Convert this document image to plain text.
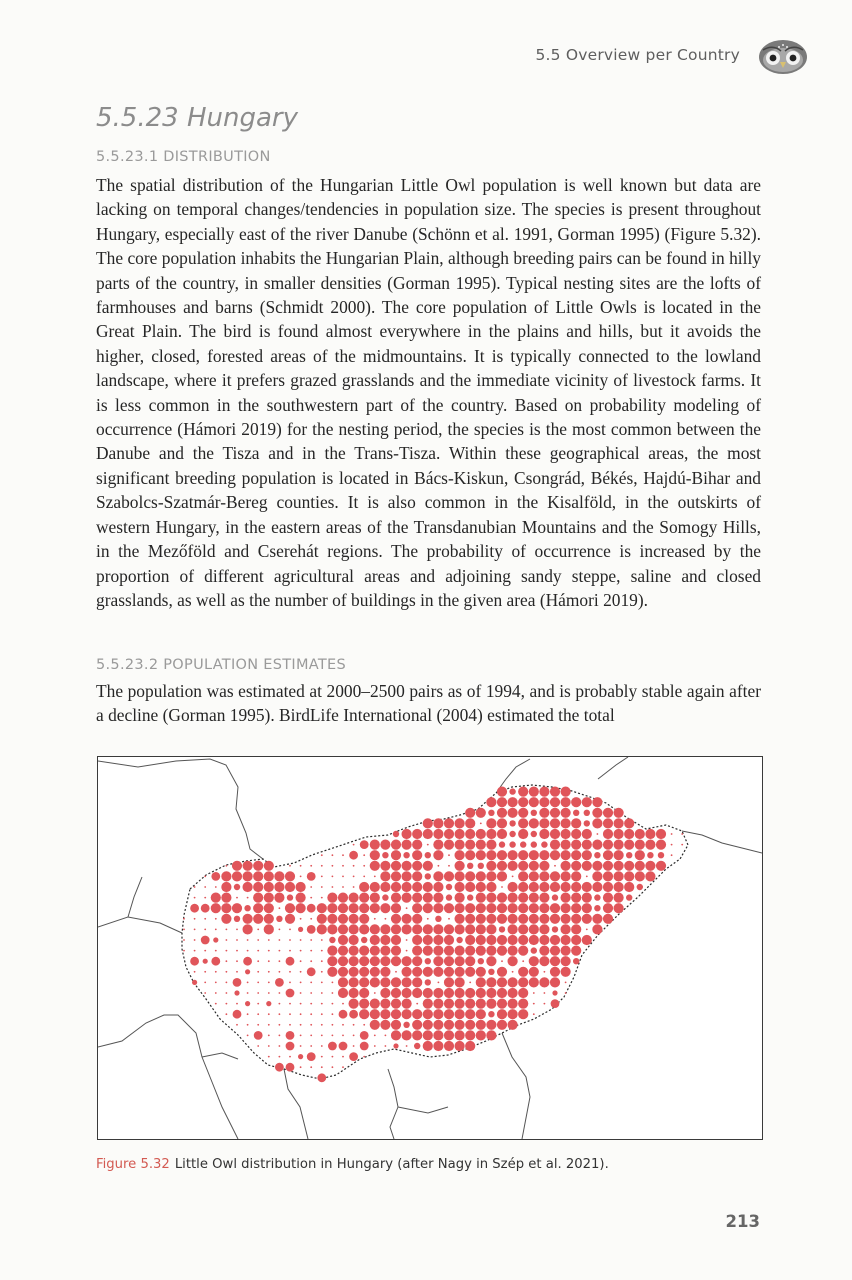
5.5 Overview per Country
5.5.23 Hungary
5.5.23.1 DISTRIBUTION

The spatial distribution of the Hungarian Little Owl population is well known but data are lacking on temporal changes/tendencies in population size. The species is present throughout Hungary, especially east of the river Danube (Schönn et al. 1991, Gorman 1995) (Figure 5.32). The core population inhabits the Hungarian Plain, although breeding pairs can be found in hilly parts of the country, in smaller densities (Gorman 1995). Typical nesting sites are the lofts of farmhouses and barns (Schmidt 2000). The core population of Little Owls is located in the Great Plain. The bird is found almost everywhere in the plains and hills, but it avoids the higher, closed, forested areas of the midmountains. It is typically connected to the lowland landscape, where it prefers grazed grasslands and the immediate vicinity of livestock farms. It is less common in the southwestern part of the country. Based on probability modeling of occurrence (Hámori 2019) for the nesting period, the species is the most common between the Danube and the Tisza and in the Trans-Tisza. Within these geographical areas, the most significant breeding population is located in Bács-Kiskun, Csongrád, Békés, Hajdú-Bihar and Szabolcs-Szatmár-Bereg counties. It is also common in the Kisalföld, in the outskirts of western Hungary, in the eastern areas of the Transdanubian Mountains and the Somogy Hills, in the Mezőföld and Cserehát regions. The probability of occurrence is increased by the proportion of different agricultural areas and adjoining sandy steppe, saline and closed grasslands, as well as the number of buildings in the given area (Hámori 2019).

5.5.23.2 POPULATION ESTIMATES

The population was estimated at 2000–2500 pairs as of 1994, and is probably stable again after a decline (Gorman 1995). BirdLife International (2004) estimated the total

Figure 5.32 Little Owl distribution in Hungary (after Nagy in Szép et al. 2021).

213
